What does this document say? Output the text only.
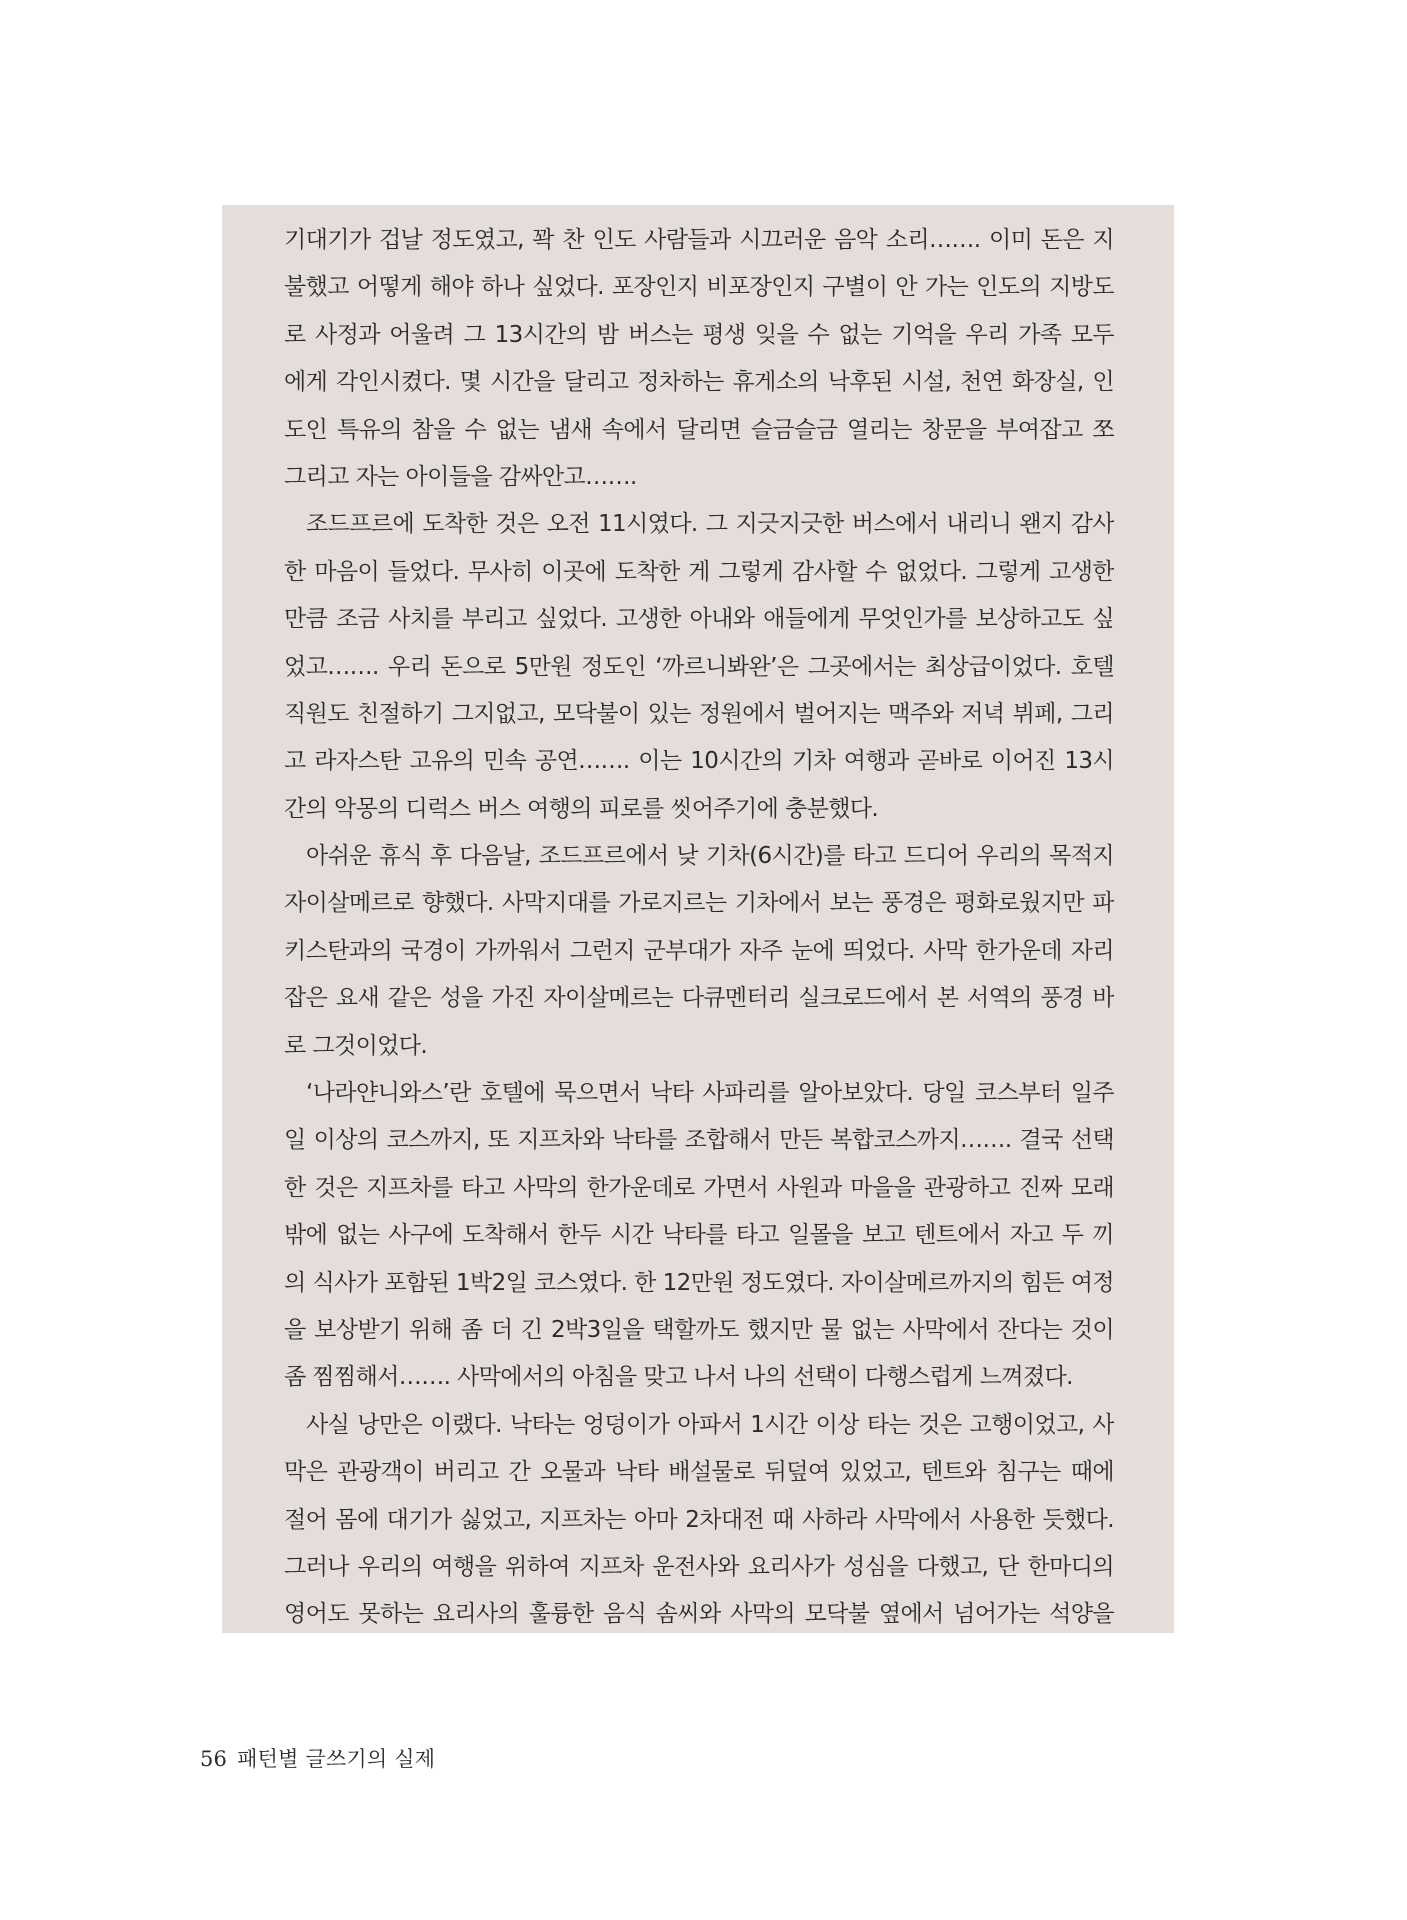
기대기가 겁날 정도였고, 꽉 찬 인도 사람들과 시끄러운 음악 소리……. 이미 돈은 지
불했고 어떻게 해야 하나 싶었다. 포장인지 비포장인지 구별이 안 가는 인도의 지방도
로 사정과 어울려 그 13시간의 밤 버스는 평생 잊을 수 없는 기억을 우리 가족 모두
에게 각인시켰다. 몇 시간을 달리고 정차하는 휴게소의 낙후된 시설, 천연 화장실, 인
도인 특유의 참을 수 없는 냄새 속에서 달리면 슬금슬금 열리는 창문을 부여잡고 쪼
그리고 자는 아이들을 감싸안고…….
조드프르에 도착한 것은 오전 11시였다. 그 지긋지긋한 버스에서 내리니 왠지 감사
한 마음이 들었다. 무사히 이곳에 도착한 게 그렇게 감사할 수 없었다. 그렇게 고생한
만큼 조금 사치를 부리고 싶었다. 고생한 아내와 애들에게 무엇인가를 보상하고도 싶
었고……. 우리 돈으로 5만원 정도인 ‘까르니봐완’은 그곳에서는 최상급이었다. 호텔
직원도 친절하기 그지없고, 모닥불이 있는 정원에서 벌어지는 맥주와 저녁 뷔페, 그리
고 라자스탄 고유의 민속 공연……. 이는 10시간의 기차 여행과 곧바로 이어진 13시
간의 악몽의 디럭스 버스 여행의 피로를 씻어주기에 충분했다.
아쉬운 휴식 후 다음날, 조드프르에서 낮 기차(6시간)를 타고 드디어 우리의 목적지
자이살메르로 향했다. 사막지대를 가로지르는 기차에서 보는 풍경은 평화로웠지만 파
키스탄과의 국경이 가까워서 그런지 군부대가 자주 눈에 띄었다. 사막 한가운데 자리
잡은 요새 같은 성을 가진 자이살메르는 다큐멘터리 실크로드에서 본 서역의 풍경 바
로 그것이었다.
‘나라얀니와스’란 호텔에 묵으면서 낙타 사파리를 알아보았다. 당일 코스부터 일주
일 이상의 코스까지, 또 지프차와 낙타를 조합해서 만든 복합코스까지……. 결국 선택
한 것은 지프차를 타고 사막의 한가운데로 가면서 사원과 마을을 관광하고 진짜 모래
밖에 없는 사구에 도착해서 한두 시간 낙타를 타고 일몰을 보고 텐트에서 자고 두 끼
의 식사가 포함된 1박2일 코스였다. 한 12만원 정도였다. 자이살메르까지의 힘든 여정
을 보상받기 위해 좀 더 긴 2박3일을 택할까도 했지만 물 없는 사막에서 잔다는 것이
좀 찜찜해서……. 사막에서의 아침을 맞고 나서 나의 선택이 다행스럽게 느껴졌다.
사실 낭만은 이랬다. 낙타는 엉덩이가 아파서 1시간 이상 타는 것은 고행이었고, 사
막은 관광객이 버리고 간 오물과 낙타 배설물로 뒤덮여 있었고, 텐트와 침구는 때에
절어 몸에 대기가 싫었고, 지프차는 아마 2차대전 때 사하라 사막에서 사용한 듯했다.
그러나 우리의 여행을 위하여 지프차 운전사와 요리사가 성심을 다했고, 단 한마디의
영어도 못하는 요리사의 훌륭한 음식 솜씨와 사막의 모닥불 옆에서 넘어가는 석양을
56 패턴별 글쓰기의 실제
